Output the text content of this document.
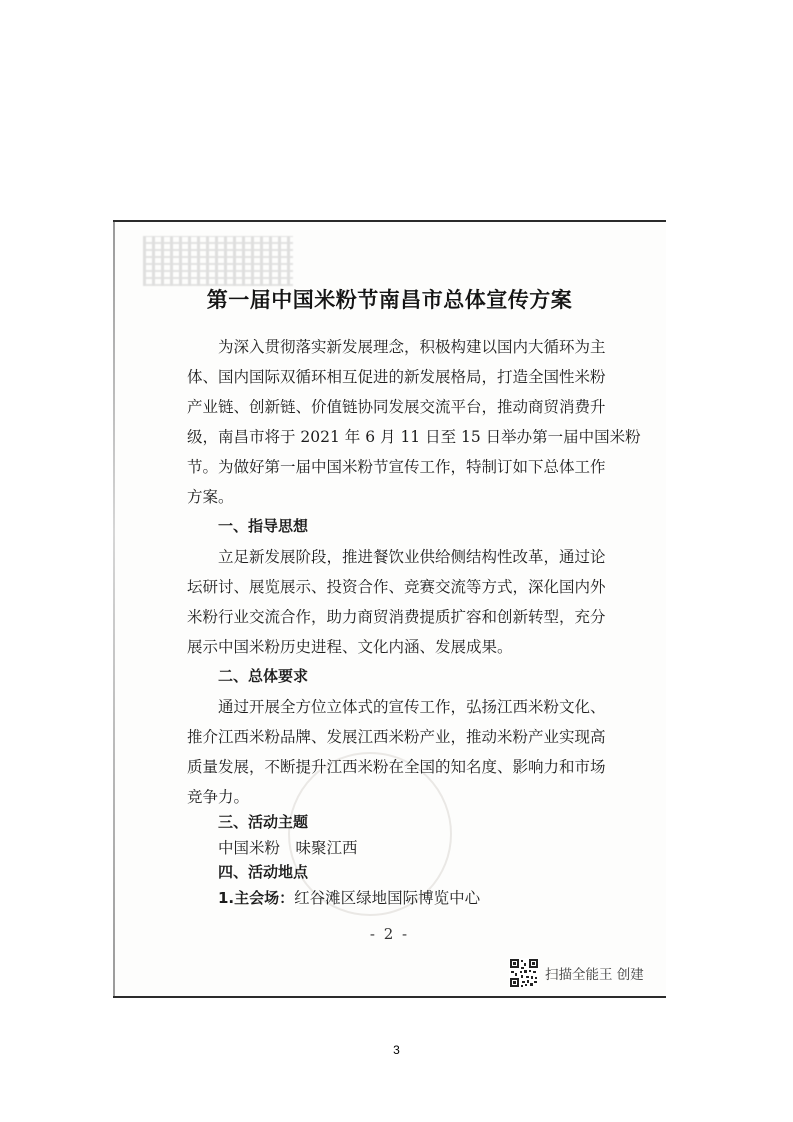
第一届中国米粉节南昌市总体宣传方案
为深入贯彻落实新发展理念，积极构建以国内大循环为主
体、国内国际双循环相互促进的新发展格局，打造全国性米粉
产业链、创新链、价值链协同发展交流平台，推动商贸消费升
级，南昌市将于 2021 年 6 月 11 日至 15 日举办第一届中国米粉
节。为做好第一届中国米粉节宣传工作，特制订如下总体工作
方案。
一、指导思想
立足新发展阶段，推进餐饮业供给侧结构性改革，通过论
坛研讨、展览展示、投资合作、竞赛交流等方式，深化国内外
米粉行业交流合作，助力商贸消费提质扩容和创新转型，充分
展示中国米粉历史进程、文化内涵、发展成果。
二、总体要求
通过开展全方位立体式的宣传工作，弘扬江西米粉文化、
推介江西米粉品牌、发展江西米粉产业，推动米粉产业实现高
质量发展，不断提升江西米粉在全国的知名度、影响力和市场
竞争力。
三、活动主题
中国米粉　味聚江西
四、活动地点
1.主会场：红谷滩区绿地国际博览中心
- 2 -
扫描全能王 创建
3
